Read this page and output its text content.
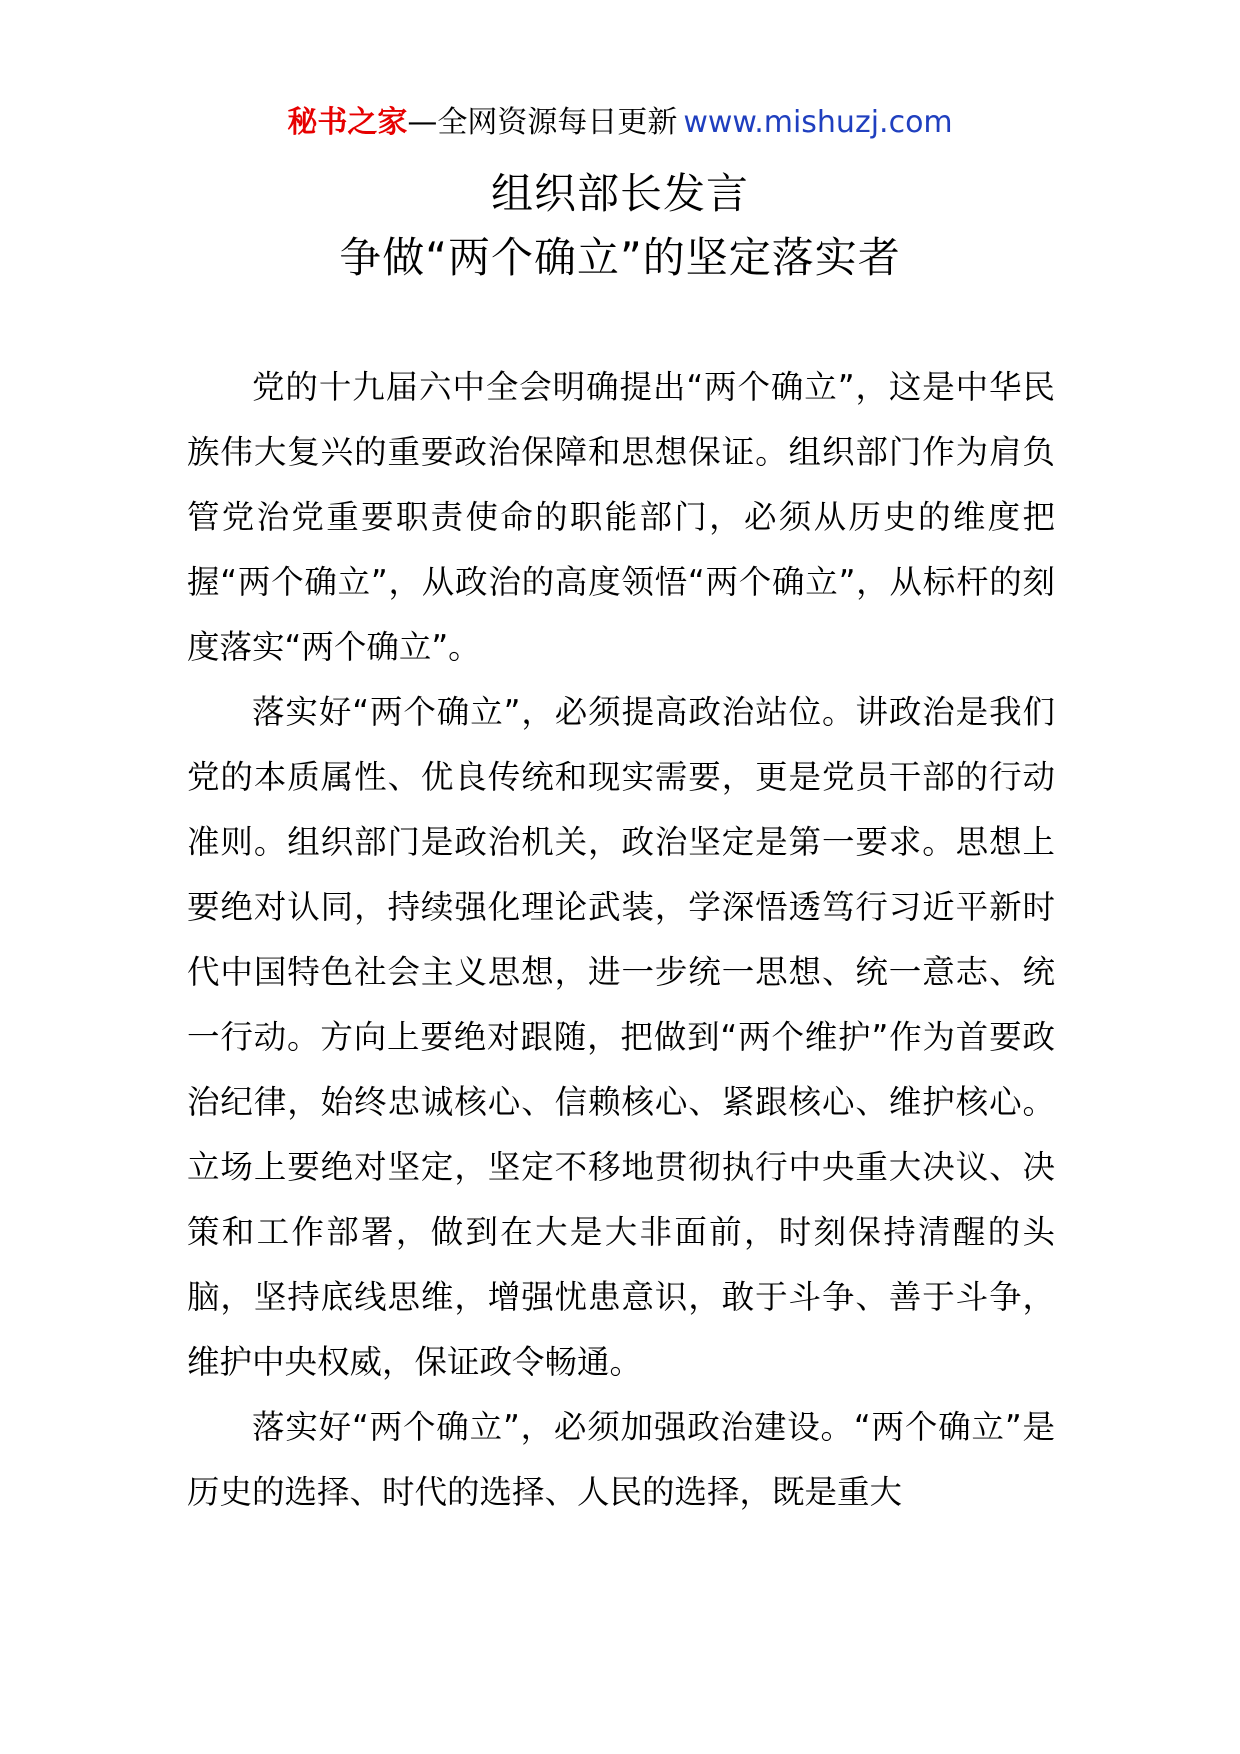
秘书之家—全网资源每日更新 www.mishuzj.com
组织部长发言
争做“两个确立”的坚定落实者

党的十九届六中全会明确提出“两个确立”，这是中华民族伟大复兴的重要政治保障和思想保证。组织部门作为肩负管党治党重要职责使命的职能部门，必须从历史的维度把握“两个确立”，从政治的高度领悟“两个确立”，从标杆的刻度落实“两个确立”。

落实好“两个确立”，必须提高政治站位。讲政治是我们党的本质属性、优良传统和现实需要，更是党员干部的行动准则。组织部门是政治机关，政治坚定是第一要求。思想上要绝对认同，持续强化理论武装，学深悟透笃行习近平新时代中国特色社会主义思想，进一步统一思想、统一意志、统一行动。方向上要绝对跟随，把做到“两个维护”作为首要政治纪律，始终忠诚核心、信赖核心、紧跟核心、维护核心。立场上要绝对坚定，坚定不移地贯彻执行中央重大决议、决策和工作部署，做到在大是大非面前，时刻保持清醒的头脑，坚持底线思维，增强忧患意识，敢于斗争、善于斗争，维护中央权威，保证政令畅通。

落实好“两个确立”，必须加强政治建设。“两个确立”是历史的选择、时代的选择、人民的选择，既是重大
